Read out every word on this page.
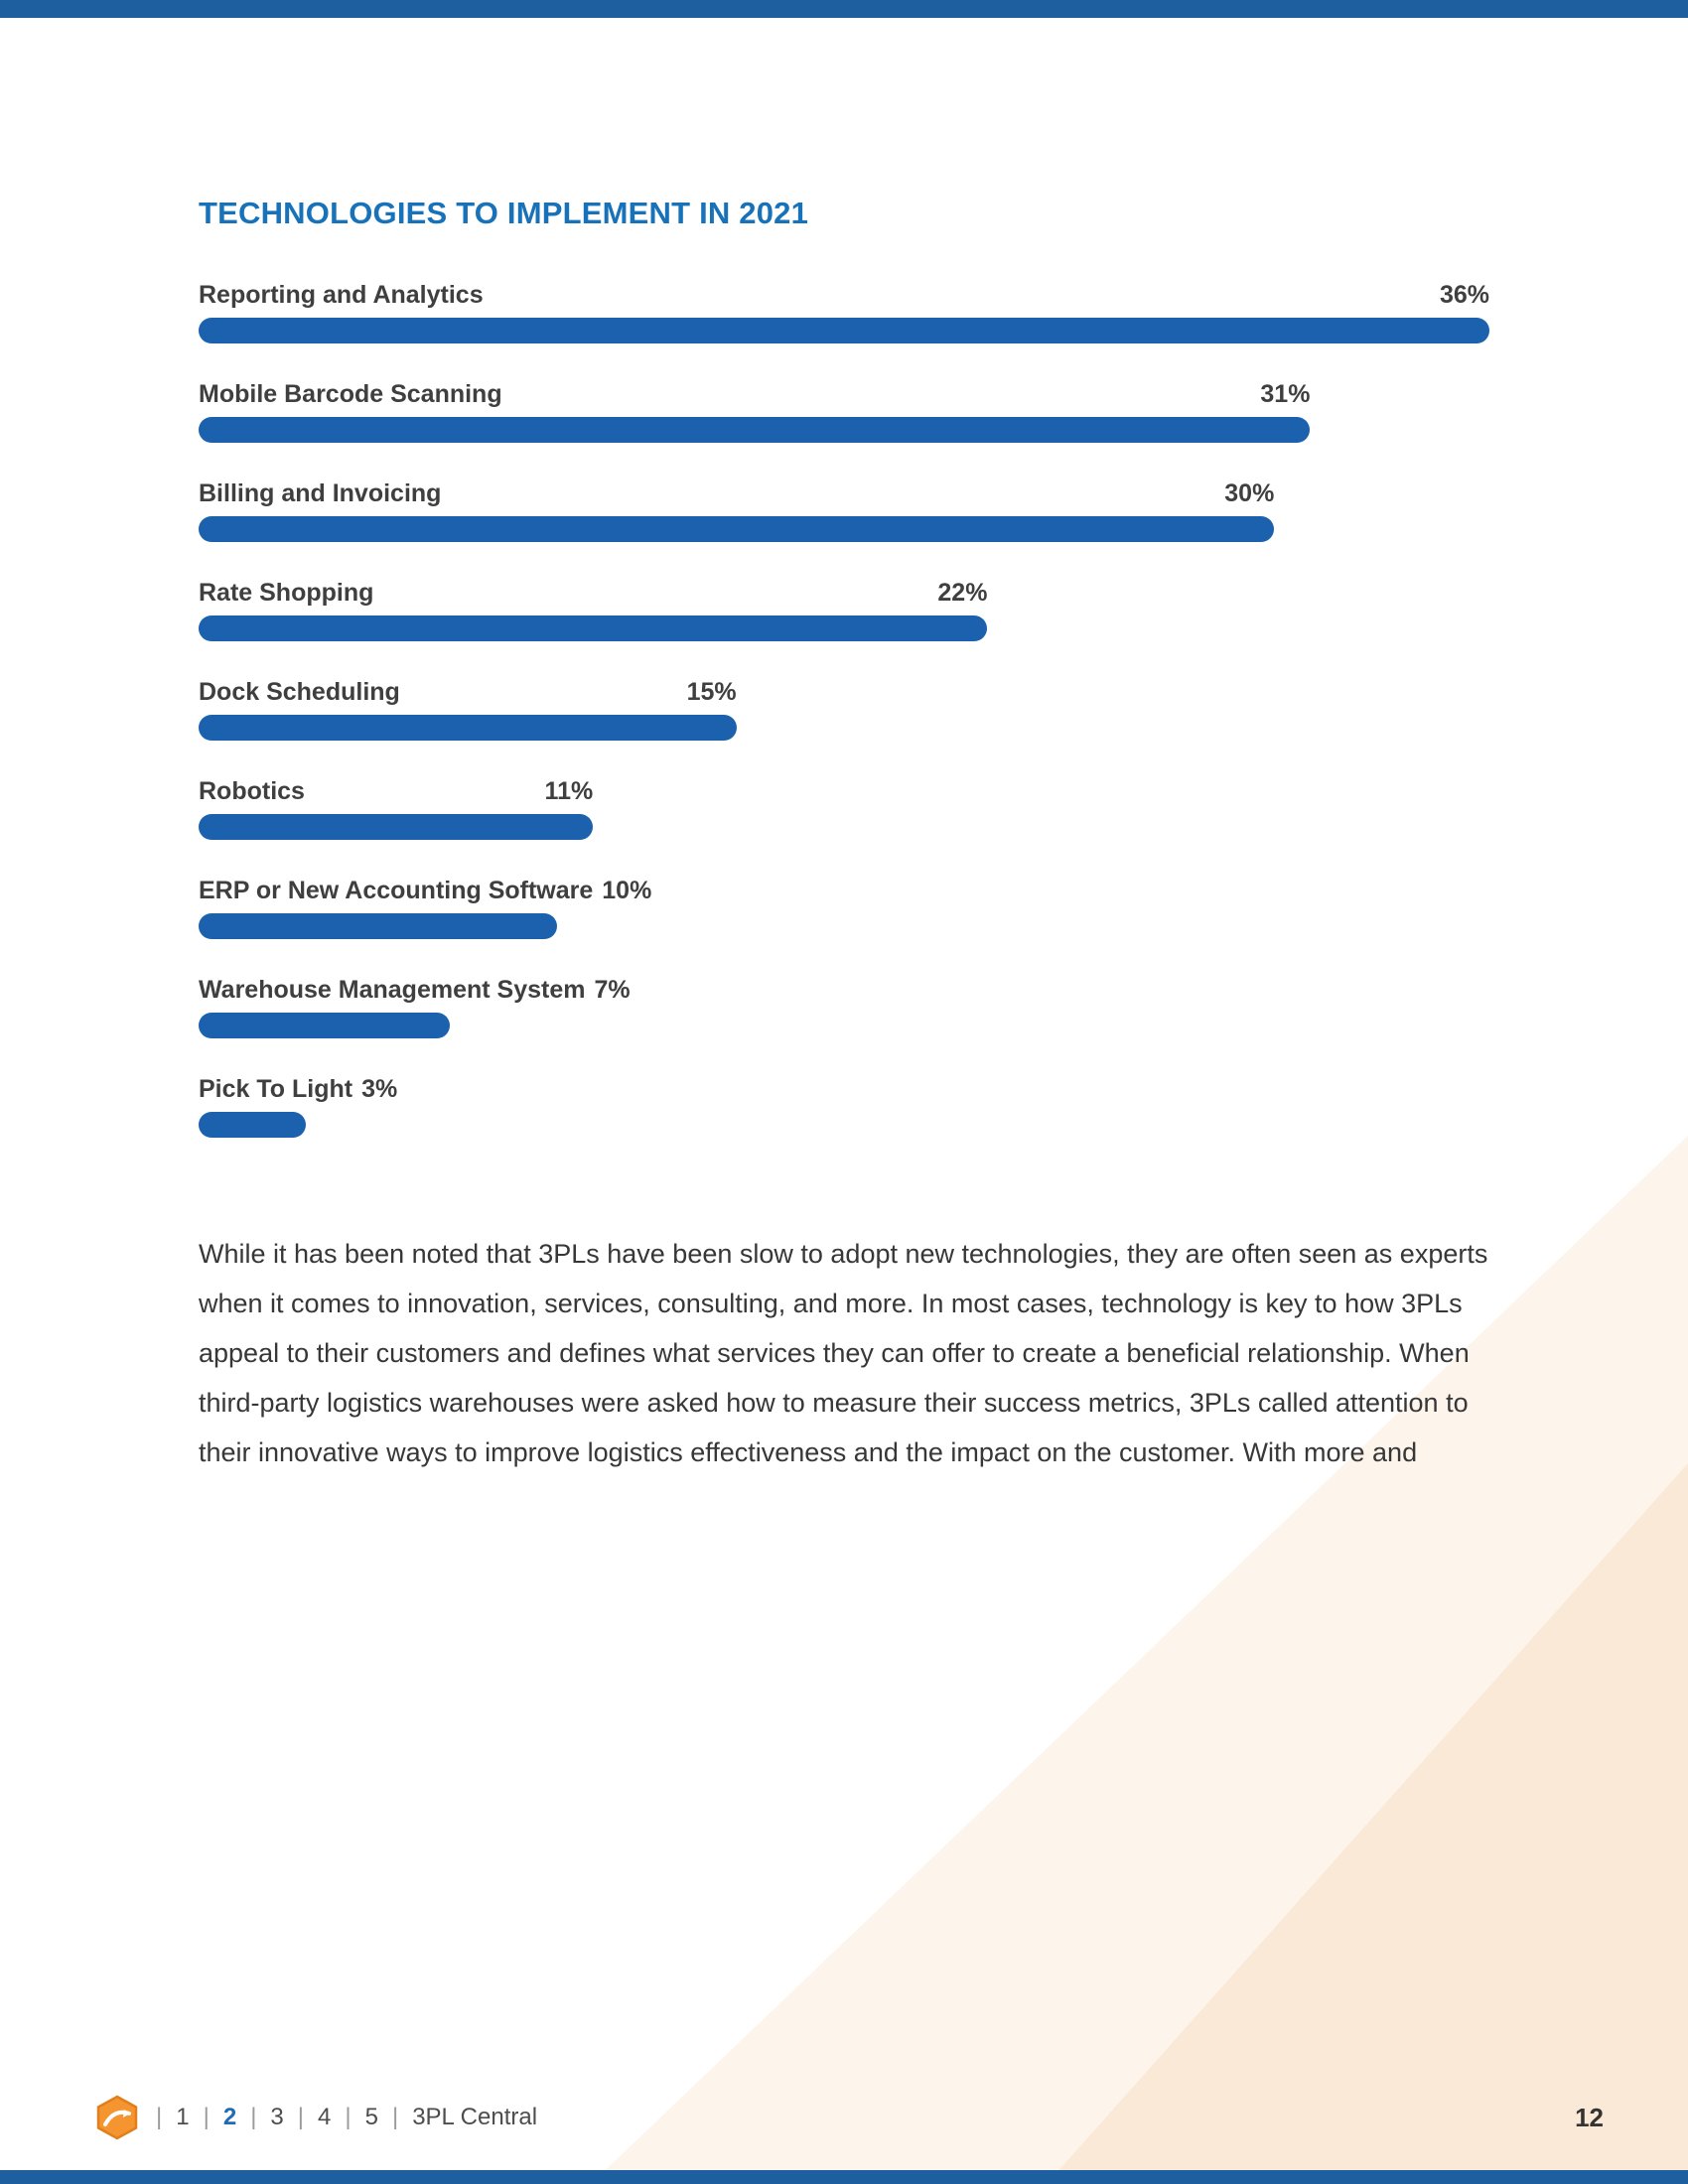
TECHNOLOGIES TO IMPLEMENT IN 2021
Reporting and Analytics	36%
Mobile Barcode Scanning	31%
Billing and Invoicing	30%
Rate Shopping	22%
Dock Scheduling	15%
Robotics	11%
ERP or New Accounting Software 10%
Warehouse Management System 7%
Pick To Light 3%
While it has been noted that 3PLs have been slow to adopt new technologies, they are often seen as experts when it comes to innovation, services, consulting, and more. In most cases, technology is key to how 3PLs appeal to their customers and defines what services they can offer to create a beneficial relationship. When third-party logistics warehouses were asked how to measure their success metrics, 3PLs called attention to their innovative ways to improve logistics effectiveness and the impact on the customer. With more and
| 1 | 2 | 3 | 4 | 5 | 3PL Central	12
